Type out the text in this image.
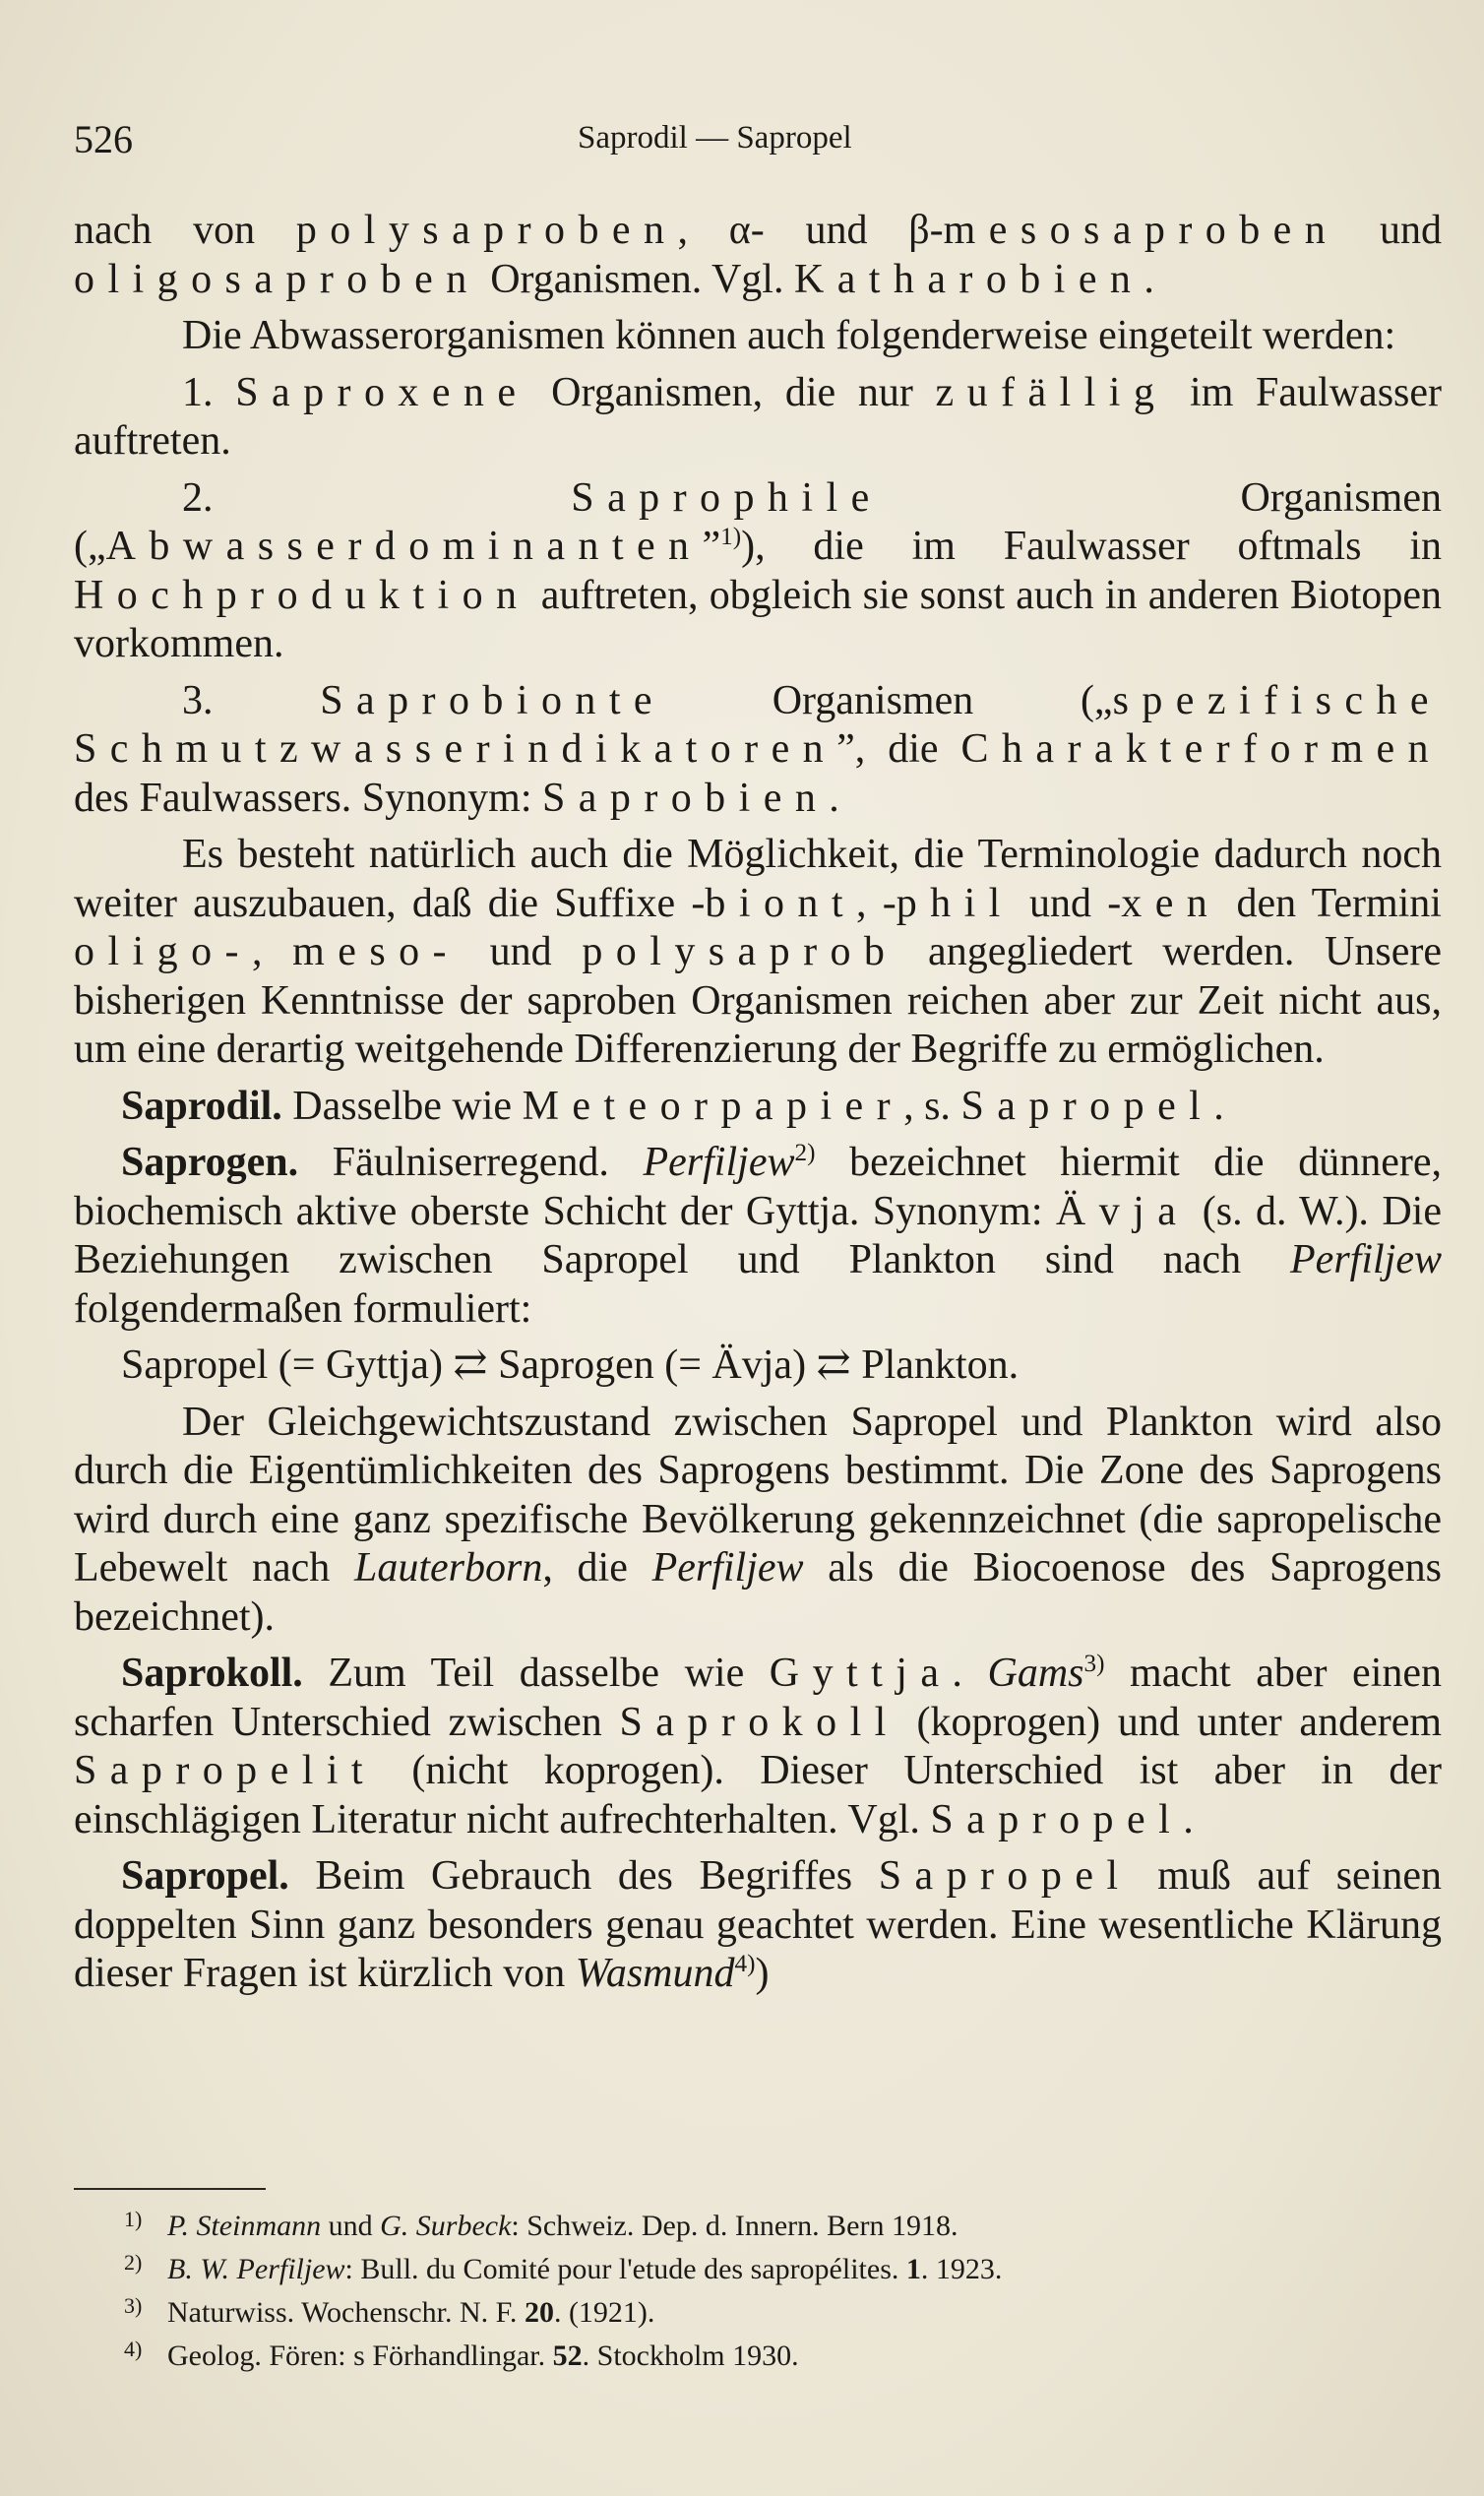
526	Saprodil — Sapropel

nach von polysaproben, α- und β-mesosaproben und oligosaproben Organismen. Vgl. Katharobien.

Die Abwasserorganismen können auch folgenderweise eingeteilt werden:

1. Saproxene Organismen, die nur zufällig im Faulwasser auftreten.

2. Saprophile Organismen („Abwasserdominanten”$^{1)}$), die im Faulwasser oftmals in Hochproduktion auftreten, obgleich sie sonst auch in anderen Biotopen vorkommen.

3. Saprobionte Organismen („spezifische Schmutzwasserindikatoren”, die Charakterformen des Faulwassers. Synonym: Saprobien.

Es besteht natürlich auch die Möglichkeit, die Terminologie dadurch noch weiter auszubauen, daß die Suffixe -biont, -phil und -xen den Termini oligo-, meso- und polysaprob angegliedert werden. Unsere bisherigen Kenntnisse der saproben Organismen reichen aber zur Zeit nicht aus, um eine derartig weitgehende Differenzierung der Begriffe zu ermöglichen.

Saprodil. Dasselbe wie Meteorpapier, s. Sapropel.

Saprogen. Fäulniserregend. Perfiljew$^{2)}$ bezeichnet hiermit die dünnere, biochemisch aktive oberste Schicht der Gyttja. Synonym: Ävja (s. d. W.). Die Beziehungen zwischen Sapropel und Plankton sind nach Perfiljew folgendermaßen formuliert:

Sapropel (= Gyttja) ⇄ Saprogen (= Ävja) ⇄ Plankton.

Der Gleichgewichtszustand zwischen Sapropel und Plankton wird also durch die Eigentümlichkeiten des Saprogens bestimmt. Die Zone des Saprogens wird durch eine ganz spezifische Bevölkerung gekennzeichnet (die sapropelische Lebewelt nach Lauterborn, die Perfiljew als die Biocoenose des Saprogens bezeichnet).

Saprokoll. Zum Teil dasselbe wie Gyttja. Gams$^{3)}$ macht aber einen scharfen Unterschied zwischen Saprokoll (koprogen) und unter anderem Sapropelit (nicht koprogen). Dieser Unterschied ist aber in der einschlägigen Literatur nicht aufrechterhalten. Vgl. Sapropel.

Sapropel. Beim Gebrauch des Begriffes Sapropel muß auf seinen doppelten Sinn ganz besonders genau geachtet werden. Eine wesentliche Klärung dieser Fragen ist kürzlich von Wasmund$^{4)}$)

1) P. Steinmann und G. Surbeck: Schweiz. Dep. d. Innern. Bern 1918.
2) B. W. Perfiljew: Bull. du Comité pour l'etude des sapropélites. 1. 1923.
3) Naturwiss. Wochenschr. N. F. 20. (1921).
4) Geolog. Fören: s Förhandlingar. 52. Stockholm 1930.
